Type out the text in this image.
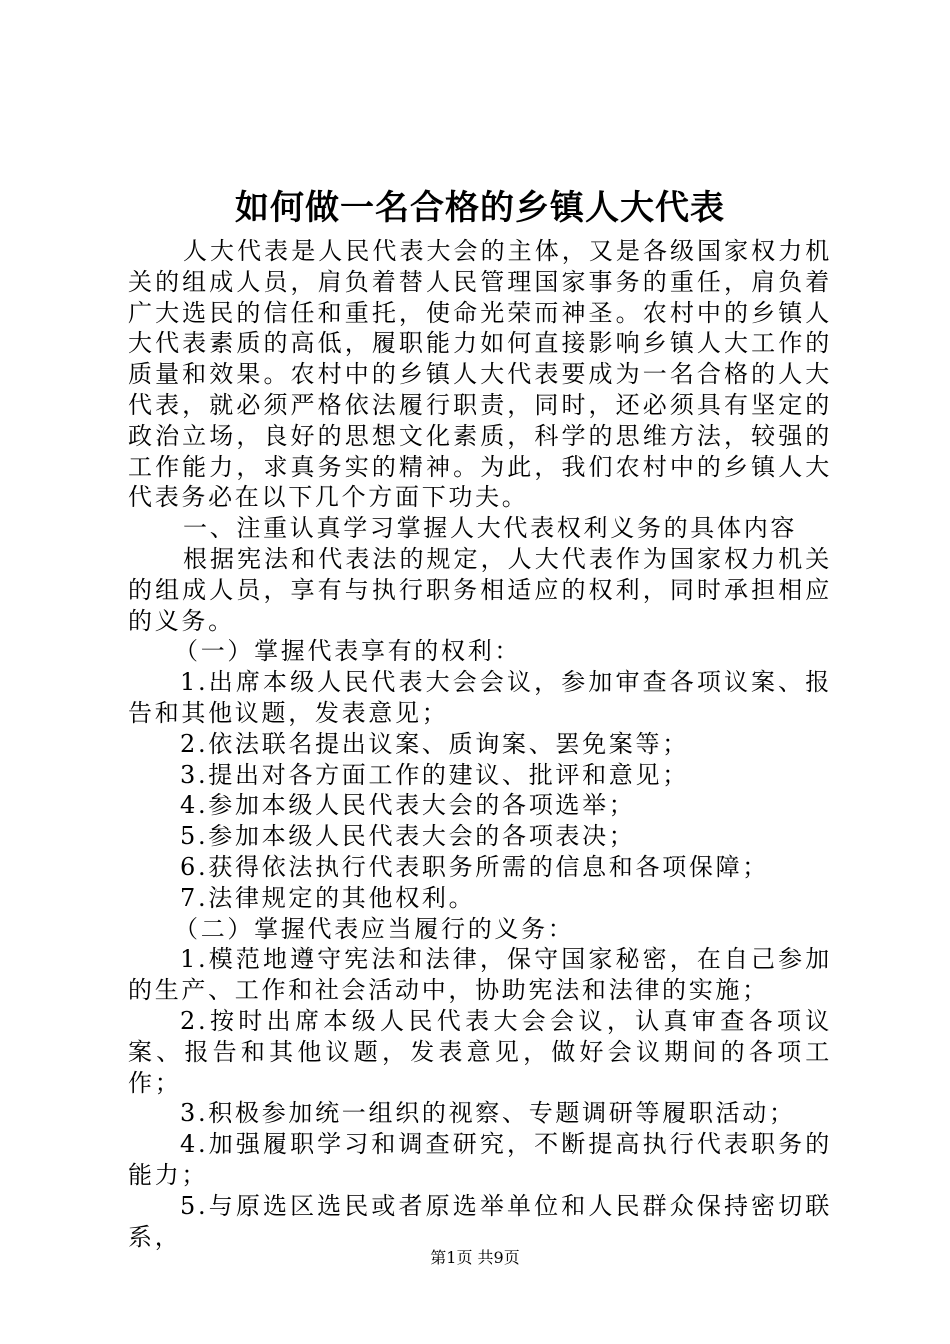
如何做一名合格的乡镇人大代表

人大代表是人民代表大会的主体，又是各级国家权力机关的组成人员，肩负着替人民管理国家事务的重任，肩负着广大选民的信任和重托，使命光荣而神圣。农村中的乡镇人大代表素质的高低，履职能力如何直接影响乡镇人大工作的质量和效果。农村中的乡镇人大代表要成为一名合格的人大代表，就必须严格依法履行职责，同时，还必须具有坚定的政治立场，良好的思想文化素质，科学的思维方法，较强的工作能力，求真务实的精神。为此，我们农村中的乡镇人大代表务必在以下几个方面下功夫。

一、注重认真学习掌握人大代表权利义务的具体内容

根据宪法和代表法的规定，人大代表作为国家权力机关的组成人员，享有与执行职务相适应的权利，同时承担相应的义务。

（一）掌握代表享有的权利：

1.出席本级人民代表大会会议，参加审查各项议案、报告和其他议题，发表意见；

2.依法联名提出议案、质询案、罢免案等；

3.提出对各方面工作的建议、批评和意见；

4.参加本级人民代表大会的各项选举；

5.参加本级人民代表大会的各项表决；

6.获得依法执行代表职务所需的信息和各项保障；

7.法律规定的其他权利。

（二）掌握代表应当履行的义务：

1.模范地遵守宪法和法律，保守国家秘密，在自己参加的生产、工作和社会活动中，协助宪法和法律的实施；

2.按时出席本级人民代表大会会议，认真审查各项议案、报告和其他议题，发表意见，做好会议期间的各项工作；

3.积极参加统一组织的视察、专题调研等履职活动；

4.加强履职学习和调查研究，不断提高执行代表职务的能力；

5.与原选区选民或者原选举单位和人民群众保持密切联系，

第1页 共9页
